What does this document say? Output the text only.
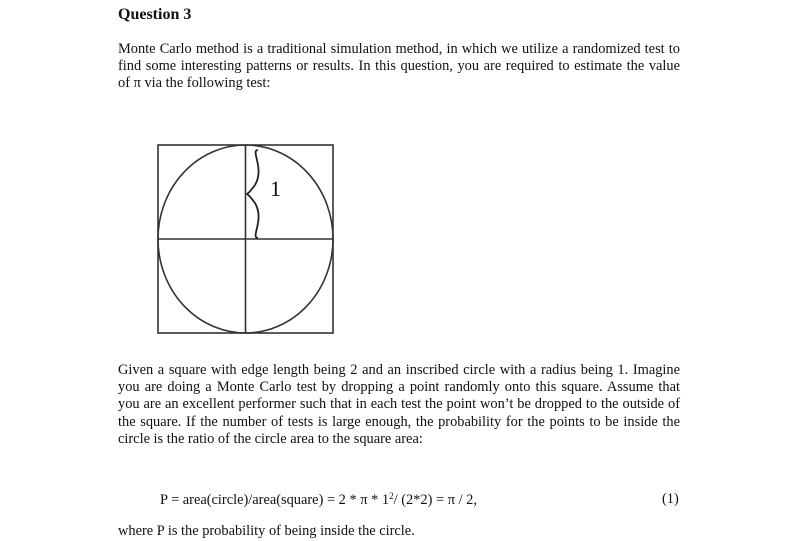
Question 3
Monte Carlo method is a traditional simulation method, in which we utilize a randomized test to find some interesting patterns or results. In this question, you are required to estimate the value of π via the following test:
1
Given a square with edge length being 2 and an inscribed circle with a radius being 1. Imagine you are doing a Monte Carlo test by dropping a point randomly onto this square. Assume that you are an excellent performer such that in each test the point won’t be dropped to the outside of the square. If the number of tests is large enough, the probability for the points to be inside the circle is the ratio of the circle area to the square area:
P = area(circle)/area(square) = 2 * π * $1^2/$ (2*2) = π / 2,	(1)
where P is the probability of being inside the circle.
